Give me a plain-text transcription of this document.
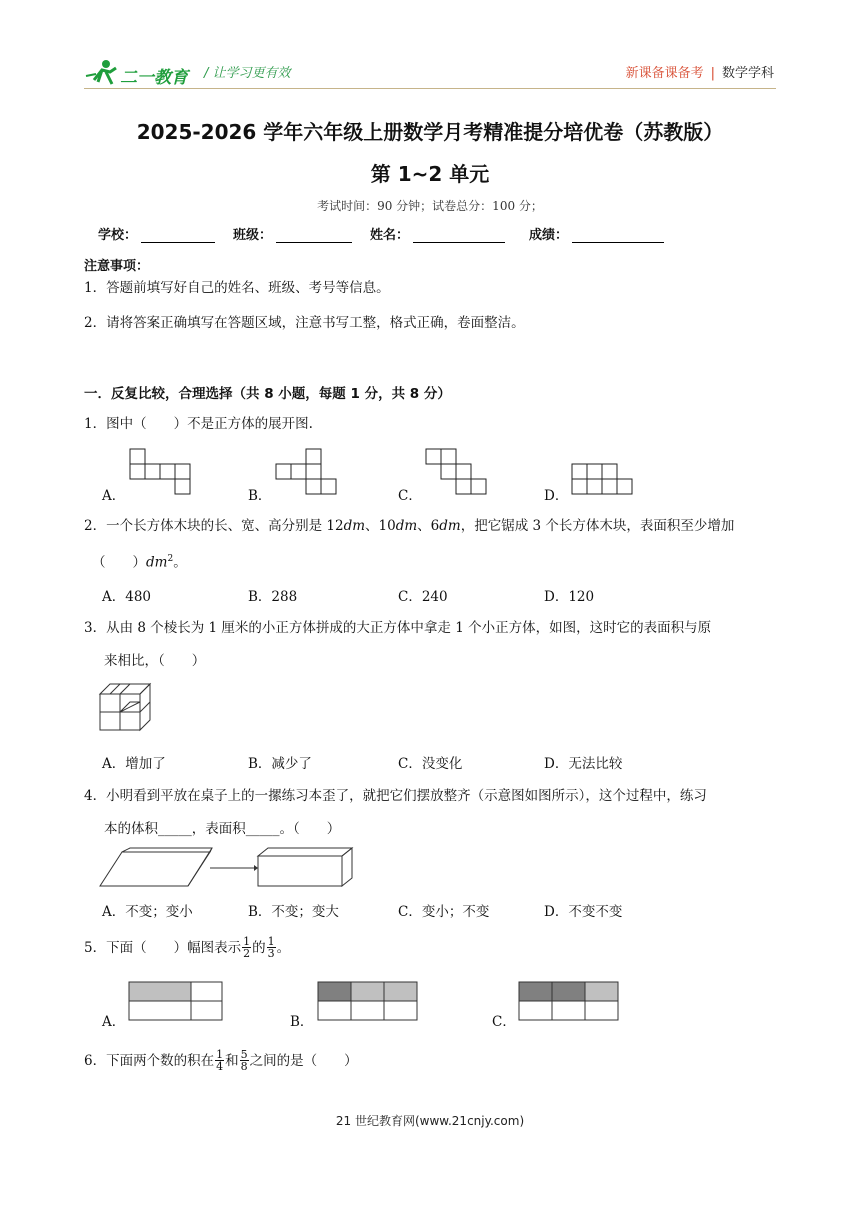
二一教育 / 让学习更有效	新课备课备考 | 数学学科
2025-2026 学年六年级上册数学月考精准提分培优卷（苏教版）
第 1~2 单元
考试时间：90 分钟；试卷总分：100 分；
学校：	班级：	姓名：	成绩：
注意事项：
1．答题前填写好自己的姓名、班级、考号等信息。
2．请将答案正确填写在答题区域，注意书写工整，格式正确，卷面整洁。
一．反复比较，合理选择（共 8 小题，每题 1 分，共 8 分）
1．图中（　　）不是正方体的展开图.
A．	B．	C．	D．
2．一个长方体木块的长、宽、高分别是 12dm、10dm、6dm，把它锯成 3 个长方体木块，表面积至少增加
（　　）$dm^2$。
A．480	B．288	C．240	D．120
3．从由 8 个棱长为 1 厘米的小正方体拼成的大正方体中拿走 1 个小正方体，如图，这时它的表面积与原
来相比，（　　）
A．增加了	B．减少了	C．没变化	D．无法比较
4．小明看到平放在桌子上的一摞练习本歪了，就把它们摆放整齐（示意图如图所示），这个过程中，练习
本的体积_____，表面积_____。（　　）
A．不变；变小	B．不变；变大	C．变小；不变	D．不变不变
5．下面（　　）幅图表示 $\frac{1}{2}$ 的 $\frac{1}{3}$ 。
A．	B．	C．
6．下面两个数的积在 $\frac{1}{4}$ 和 $\frac{5}{8}$ 之间的是（　　）
21 世纪教育网(www.21cnjy.com)
